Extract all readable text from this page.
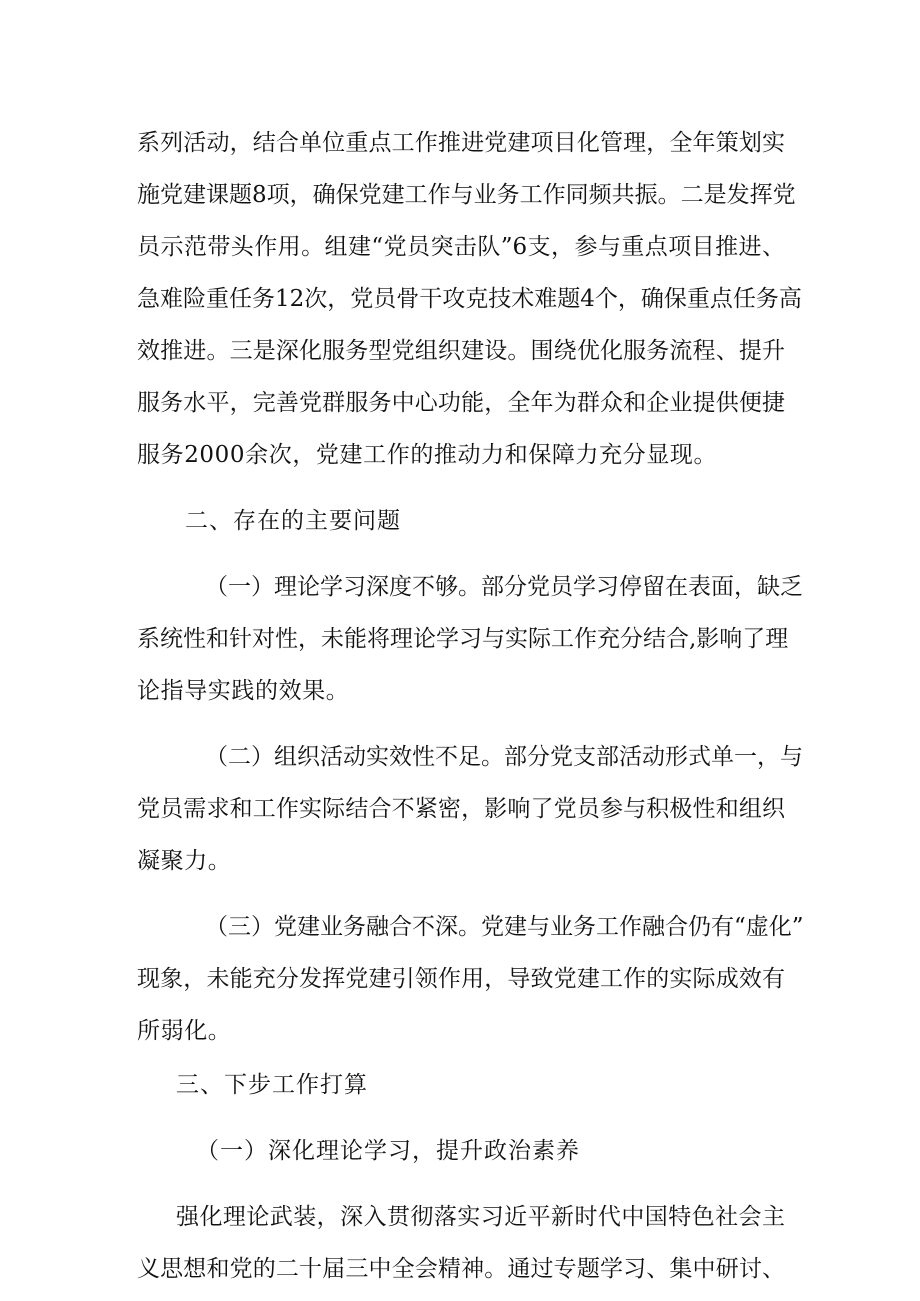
系列活动，结合单位重点工作推进党建项目化管理，全年策划实
施党建课题8项，确保党建工作与业务工作同频共振。二是发挥党
员示范带头作用。组建“党员突击队”6支，参与重点项目推进、
急难险重任务12次，党员骨干攻克技术难题4个，确保重点任务高
效推进。三是深化服务型党组织建设。围绕优化服务流程、提升
服务水平，完善党群服务中心功能，全年为群众和企业提供便捷
服务2000余次，党建工作的推动力和保障力充分显现。
二、存在的主要问题
（一）理论学习深度不够。部分党员学习停留在表面，缺乏
系统性和针对性，未能将理论学习与实际工作充分结合,影响了理
论指导实践的效果。
（二）组织活动实效性不足。部分党支部活动形式单一，与
党员需求和工作实际结合不紧密，影响了党员参与积极性和组织
凝聚力。
（三）党建业务融合不深。党建与业务工作融合仍有“虚化”
现象，未能充分发挥党建引领作用，导致党建工作的实际成效有
所弱化。
三、下步工作打算
（一）深化理论学习，提升政治素养
强化理论武装，深入贯彻落实习近平新时代中国特色社会主
义思想和党的二十届三中全会精神。通过专题学习、集中研讨、
